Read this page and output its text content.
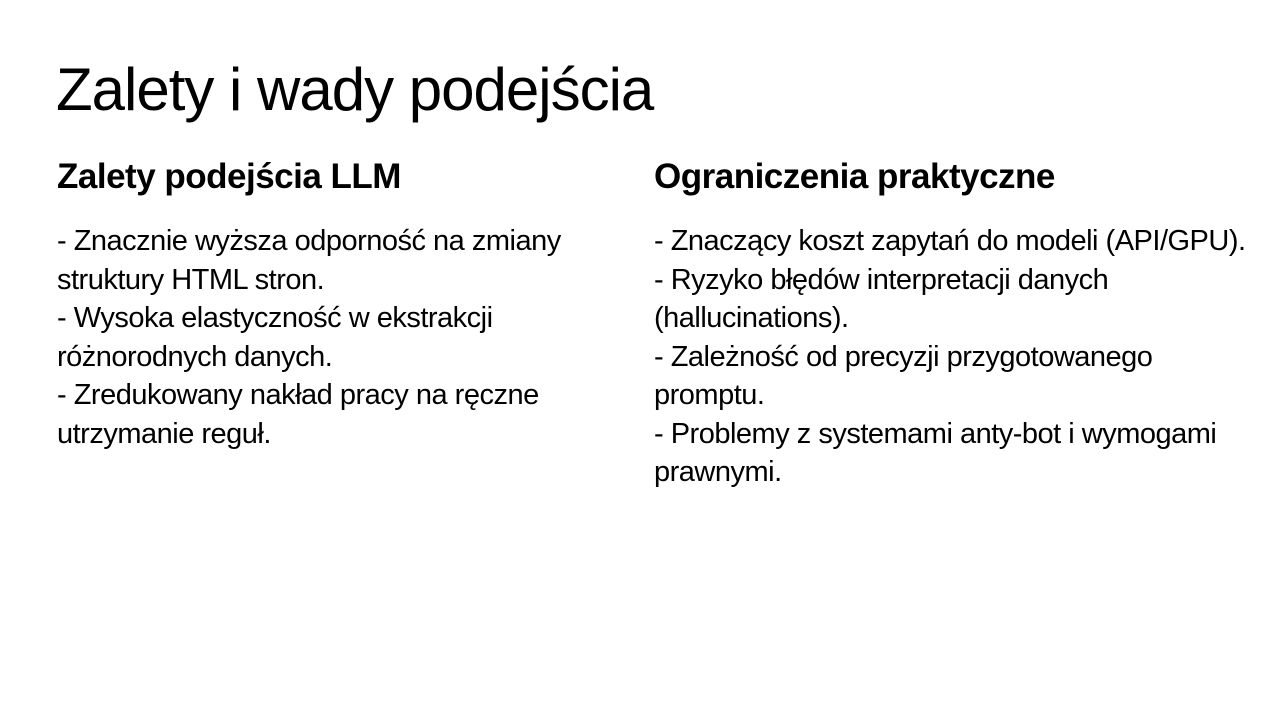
Zalety i wady podejścia
Zalety podejścia LLM
- Znacznie wyższa odporność na zmiany struktury HTML stron.
- Wysoka elastyczność w ekstrakcji różnorodnych danych.
- Zredukowany nakład pracy na ręczne utrzymanie reguł.
Ograniczenia praktyczne
- Znaczący koszt zapytań do modeli (API/GPU).
- Ryzyko błędów interpretacji danych (hallucinations).
- Zależność od precyzji przygotowanego promptu.
- Problemy z systemami anty-bot i wymogami prawnymi.
